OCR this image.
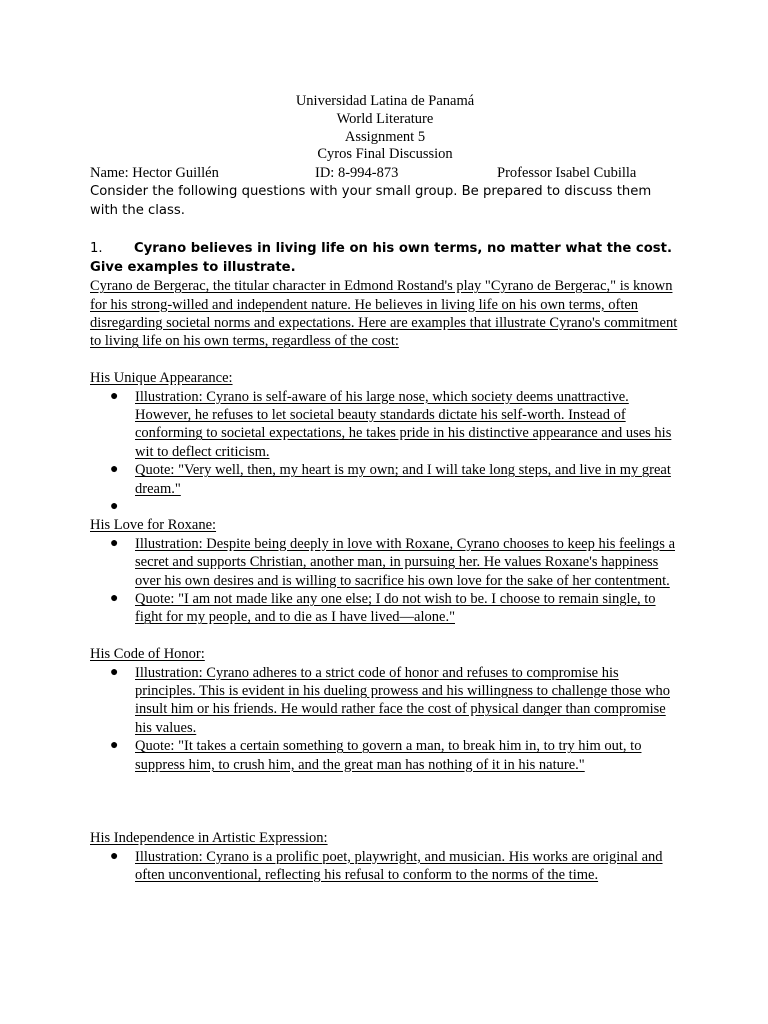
Universidad Latina de Panamá
World Literature
Assignment 5
Cyros Final Discussion
Name: Hector Guillén	ID: 8-994-873	Professor Isabel Cubilla
Consider the following questions with your small group. Be prepared to discuss them with the class.
1. Cyrano believes in living life on his own terms, no matter what the cost. Give examples to illustrate.
Cyrano de Bergerac, the titular character in Edmond Rostand's play "Cyrano de Bergerac," is known for his strong-willed and independent nature. He believes in living life on his own terms, often disregarding societal norms and expectations. Here are examples that illustrate Cyrano's commitment to living life on his own terms, regardless of the cost:
His Unique Appearance:
● Illustration: Cyrano is self-aware of his large nose, which society deems unattractive. However, he refuses to let societal beauty standards dictate his self-worth. Instead of conforming to societal expectations, he takes pride in his distinctive appearance and uses his wit to deflect criticism.
● Quote: "Very well, then, my heart is my own; and I will take long steps, and live in my great dream."
●
His Love for Roxane:
● Illustration: Despite being deeply in love with Roxane, Cyrano chooses to keep his feelings a secret and supports Christian, another man, in pursuing her. He values Roxane's happiness over his own desires and is willing to sacrifice his own love for the sake of her contentment.
● Quote: "I am not made like any one else; I do not wish to be. I choose to remain single, to fight for my people, and to die as I have lived—alone."
His Code of Honor:
● Illustration: Cyrano adheres to a strict code of honor and refuses to compromise his principles. This is evident in his dueling prowess and his willingness to challenge those who insult him or his friends. He would rather face the cost of physical danger than compromise his values.
● Quote: "It takes a certain something to govern a man, to break him in, to try him out, to suppress him, to crush him, and the great man has nothing of it in his nature."
His Independence in Artistic Expression:
● Illustration: Cyrano is a prolific poet, playwright, and musician. His works are original and often unconventional, reflecting his refusal to conform to the norms of the time.
